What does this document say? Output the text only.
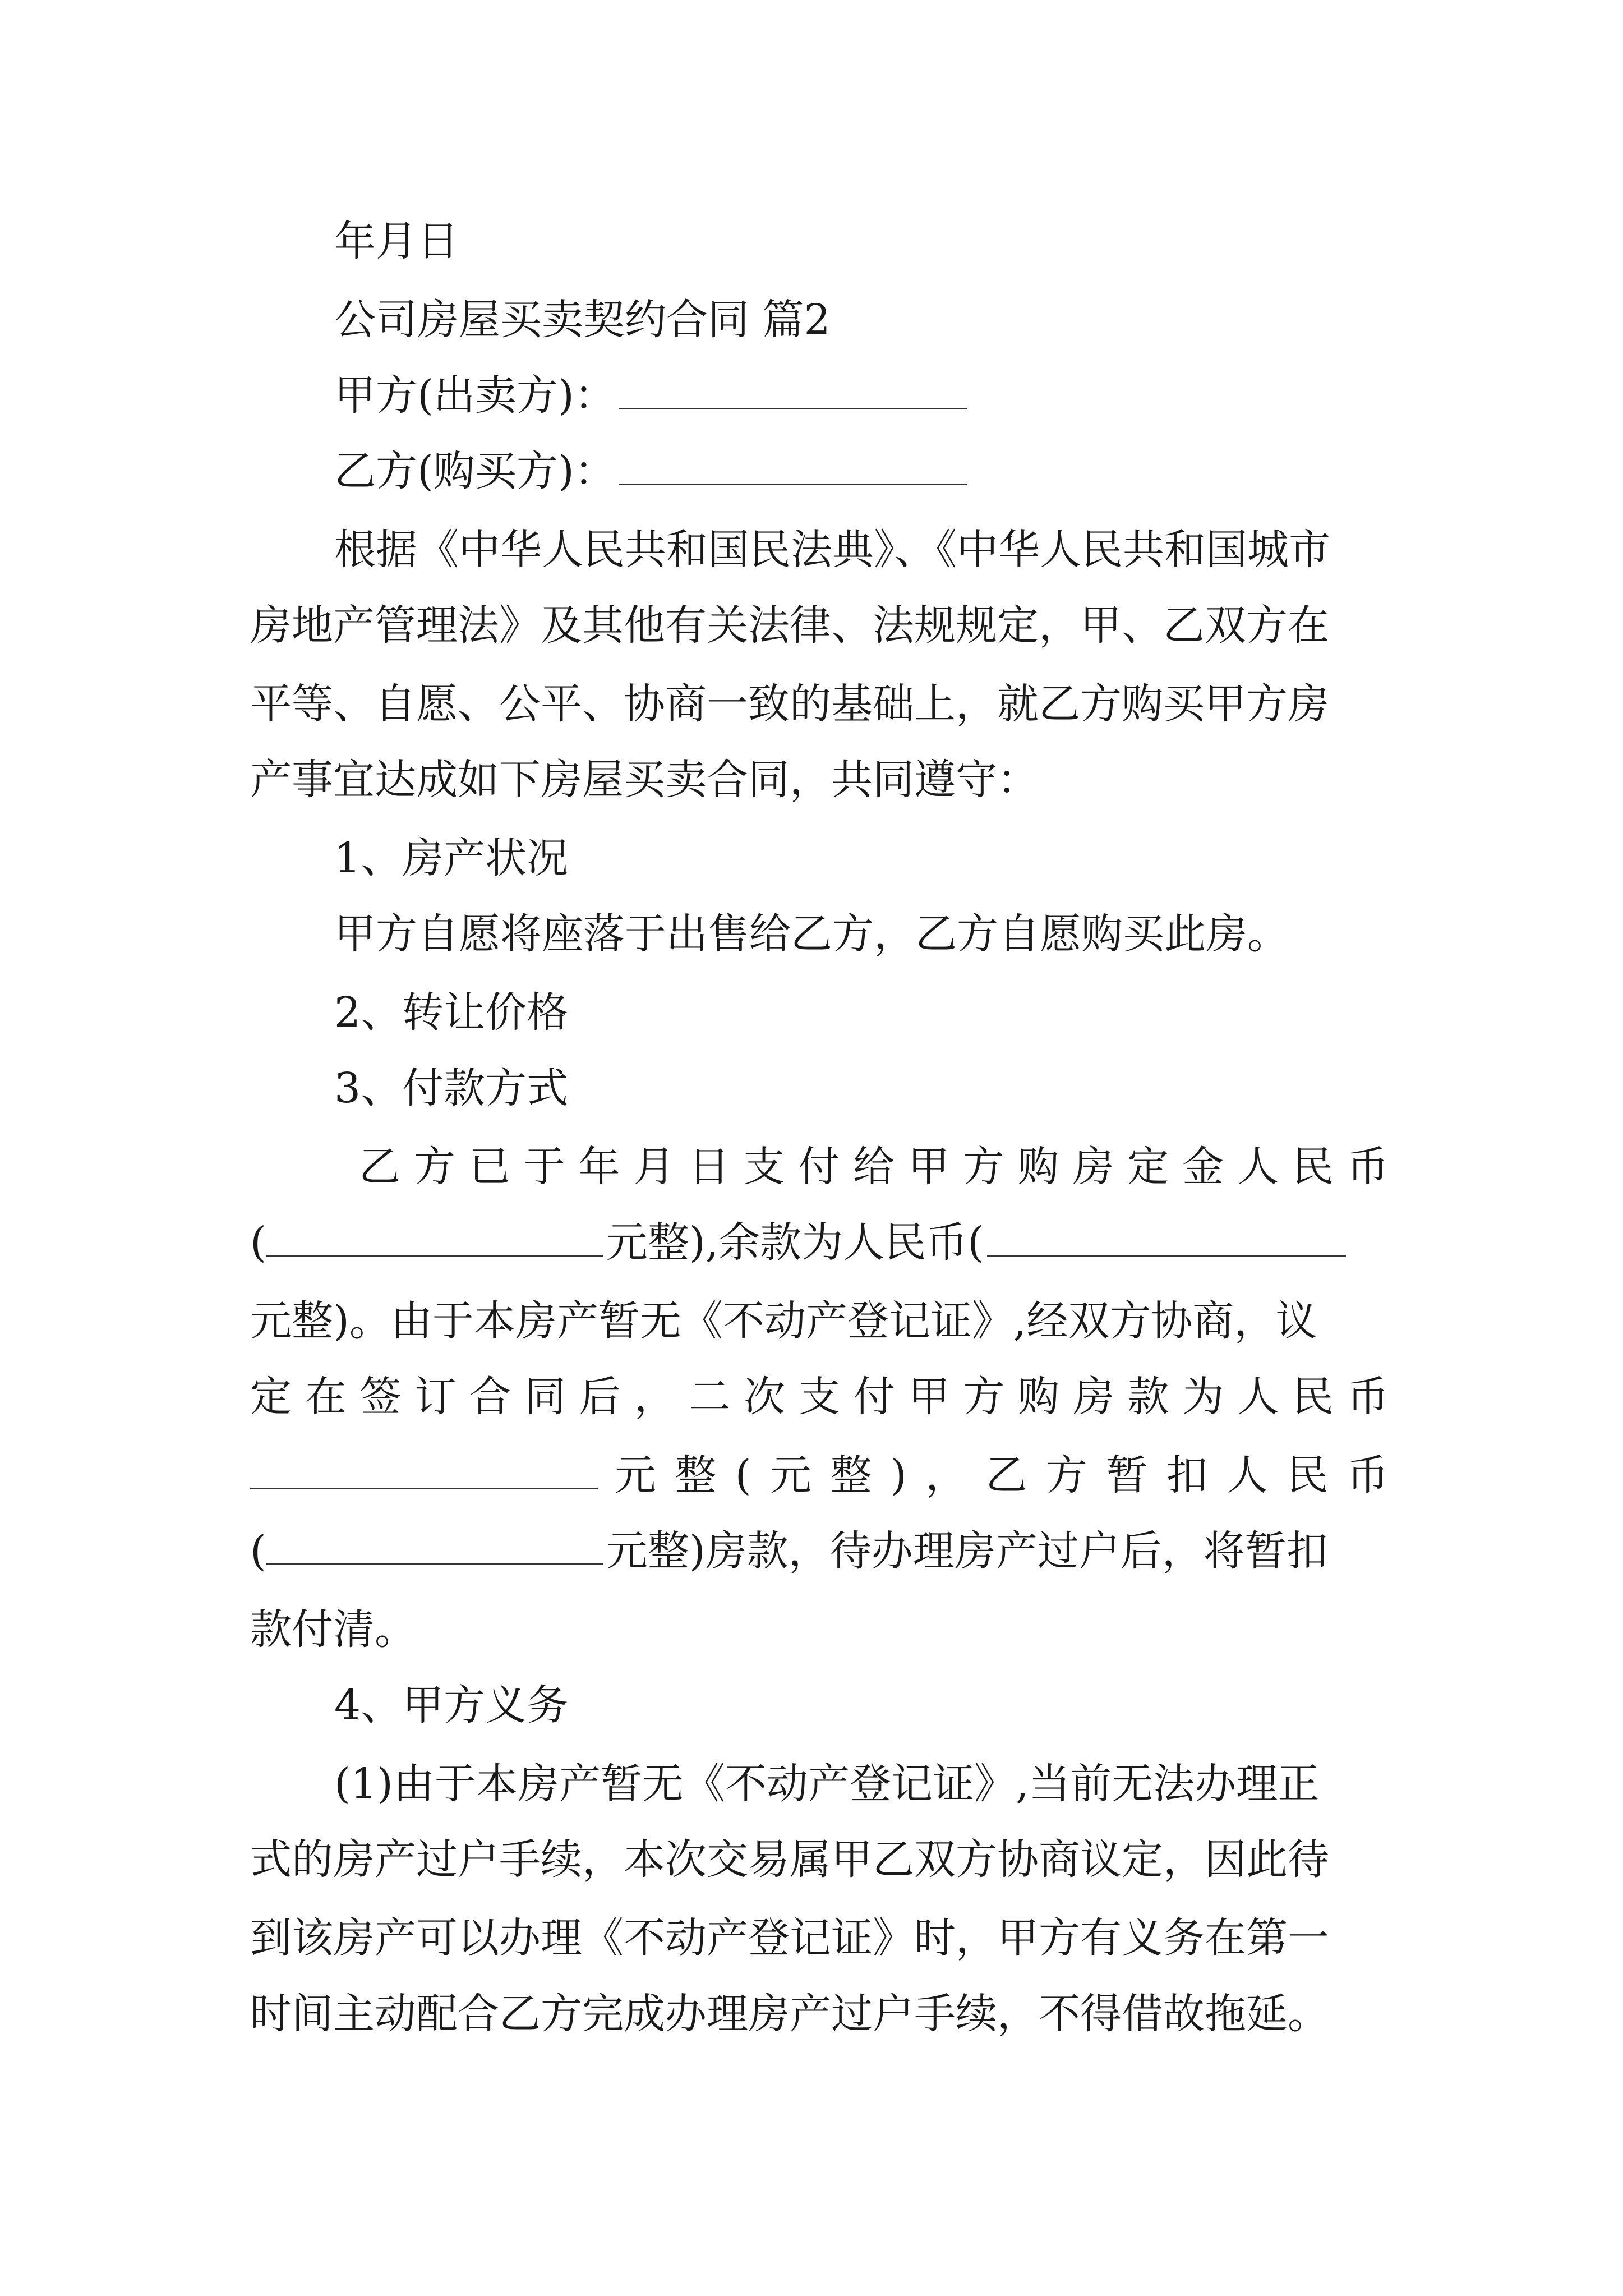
年月日
公司房屋买卖契约合同 篇2
甲方(出卖方)：
乙方(购买方)：
根据《中华人民共和国民法典》、《中华人民共和国城市
房地产管理法》及其他有关法律、法规规定，甲、乙双方在
平等、自愿、公平、协商一致的基础上，就乙方购买甲方房
产事宜达成如下房屋买卖合同，共同遵守：
1、房产状况
甲方自愿将座落于出售给乙方，乙方自愿购买此房。
2、转让价格
3、付款方式
乙 方 已 于 年 月 日 支 付 给 甲 方 购 房 定 金 人 民 币
(	元整),余款为人民币(
元整)。由于本房产暂无《不动产登记证》,经双方协商，议
定 在 签 订 合 同 后 ， 二 次 支 付 甲 方 购 房 款 为 人 民 币
元 整 ( 元 整 ) ， 乙 方 暂 扣 人 民 币
(	元整)房款，待办理房产过户后，将暂扣
款付清。
4、甲方义务
(1)由于本房产暂无《不动产登记证》,当前无法办理正
式的房产过户手续，本次交易属甲乙双方协商议定，因此待
到该房产可以办理《不动产登记证》时，甲方有义务在第一
时间主动配合乙方完成办理房产过户手续，不得借故拖延。
